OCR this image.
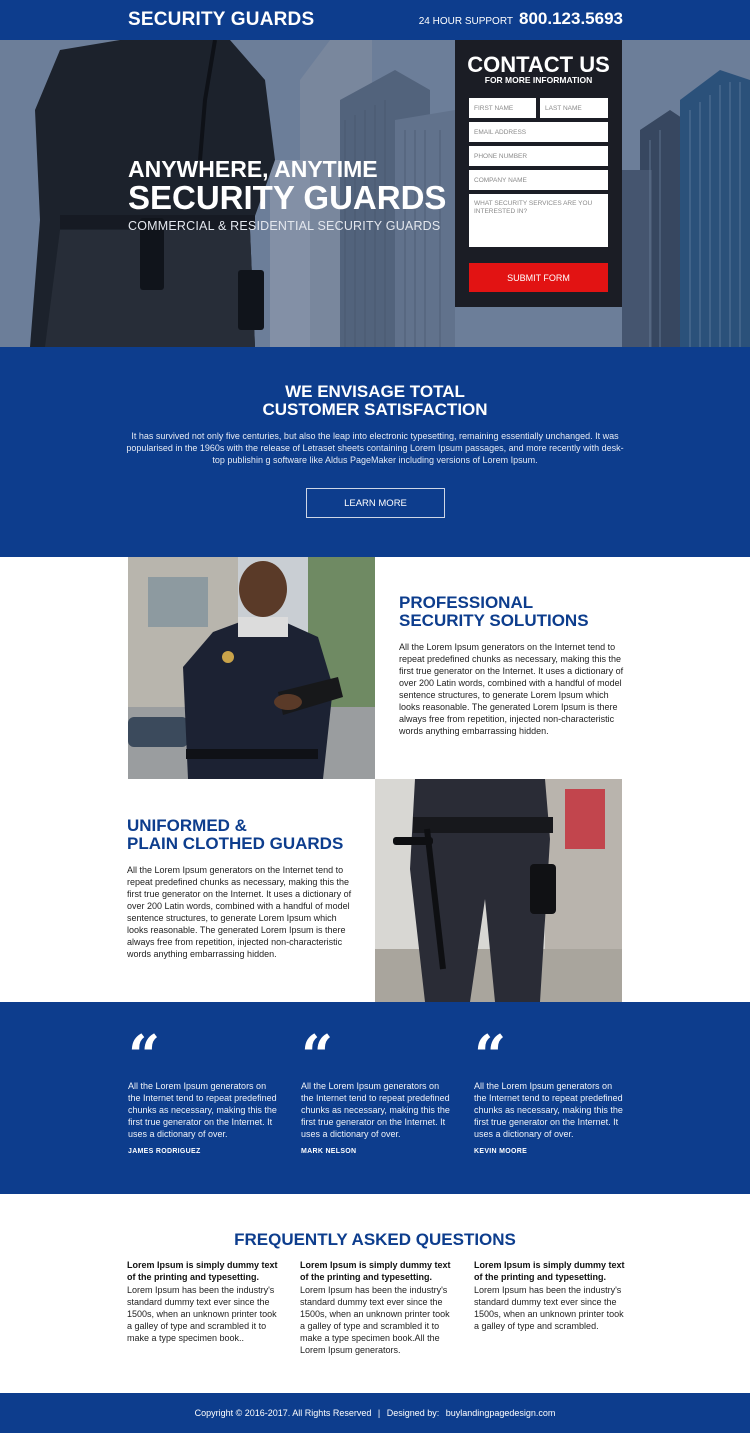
SECURITY GUARDS	24 HOUR SUPPORT 800.123.5693
ANYWHERE, ANYTIME
SECURITY GUARDS
COMMERCIAL & RESIDENTIAL SECURITY GUARDS
CONTACT US
FOR MORE INFORMATION
FIRST NAME
LAST NAME
EMAIL ADDRESS
PHONE NUMBER
COMPANY NAME
WHAT SECURITY SERVICES ARE YOU INTERESTED IN?
SUBMIT FORM
WE ENVISAGE TOTAL
CUSTOMER SATISFACTION
It has survived not only five centuries, but also the leap into electronic typesetting, remaining essentially unchanged. It was popularised in the 1960s with the release of Letraset sheets containing Lorem Ipsum passages, and more recently with desk-top publishin g software like Aldus PageMaker including versions of Lorem Ipsum.
LEARN MORE
PROFESSIONAL
SECURITY SOLUTIONS
All the Lorem Ipsum generators on the Internet tend to repeat predefined chunks as necessary, making this the first true generator on the Internet. It uses a dictionary of over 200 Latin words, combined with a handful of model sentence structures, to generate Lorem Ipsum which looks reasonable. The generated Lorem Ipsum is there always free from repetition, injected non-characteristic words anything embarrassing hidden.
UNIFORMED &
PLAIN CLOTHED GUARDS
All the Lorem Ipsum generators on the Internet tend to repeat predefined chunks as necessary, making this the first true generator on the Internet. It uses a dictionary of over 200 Latin words, combined with a handful of model sentence structures, to generate Lorem Ipsum which looks reasonable. The generated Lorem Ipsum is there always free from repetition, injected non-characteristic words anything embarrassing hidden.
“
All the Lorem Ipsum generators on the Internet tend to repeat predefined chunks as necessary, making this the first true generator on the Internet. It uses a dictionary of over.
JAMES RODRIGUEZ
“
All the Lorem Ipsum generators on the Internet tend to repeat predefined chunks as necessary, making this the first true generator on the Internet. It uses a dictionary of over.
MARK NELSON
“
All the Lorem Ipsum generators on the Internet tend to repeat predefined chunks as necessary, making this the first true generator on the Internet. It uses a dictionary of over.
KEVIN MOORE
FREQUENTLY ASKED QUESTIONS
Lorem Ipsum is simply dummy text of the printing and typesetting.
Lorem Ipsum has been the industry's standard dummy text ever since the 1500s, when an unknown printer took a galley of type and scrambled it to make a type specimen book..
Lorem Ipsum is simply dummy text of the printing and typesetting.
Lorem Ipsum has been the industry's standard dummy text ever since the 1500s, when an unknown printer took a galley of type and scrambled it to make a type specimen book.All the Lorem Ipsum generators.
Lorem Ipsum is simply dummy text of the printing and typesetting.
Lorem Ipsum has been the industry's standard dummy text ever since the 1500s, when an unknown printer took a galley of type and scrambled.
Copyright © 2016-2017. All Rights Reserved | Designed by: buylandingpagedesign.com
